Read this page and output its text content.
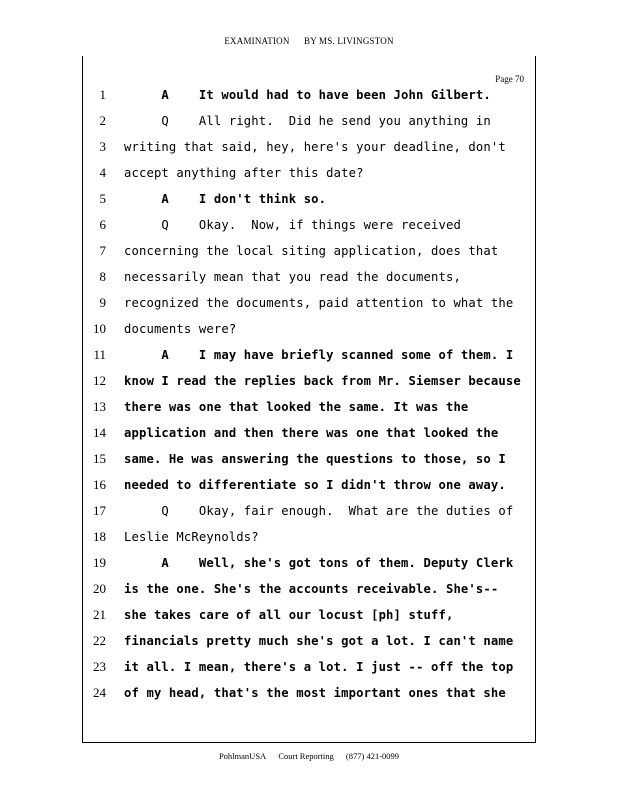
EXAMINATION BY MS. LIVINGSTON
Page 70
1 A    It would had to have been John Gilbert.
2 Q    All right.  Did he send you anything in
3 writing that said, hey, here's your deadline, don't
4 accept anything after this date?
5 A    I don't think so.
6 Q    Okay.  Now, if things were received
7 concerning the local siting application, does that
8 necessarily mean that you read the documents,
9 recognized the documents, paid attention to what the
10 documents were?
11 A    I may have briefly scanned some of them. I
12 know I read the replies back from Mr. Siemser because
13 there was one that looked the same. It was the
14 application and then there was one that looked the
15 same. He was answering the questions to those, so I
16 needed to differentiate so I didn't throw one away.
17 Q    Okay, fair enough.  What are the duties of
18 Leslie McReynolds?
19 A    Well, she's got tons of them. Deputy Clerk
20 is the one. She's the accounts receivable. She's--
21 she takes care of all our locust [ph] stuff,
22 financials pretty much she's got a lot. I can't name
23 it all. I mean, there's a lot. I just -- off the top
24 of my head, that's the most important ones that she
PohlmanUSA Court Reporting (877) 421-0099
